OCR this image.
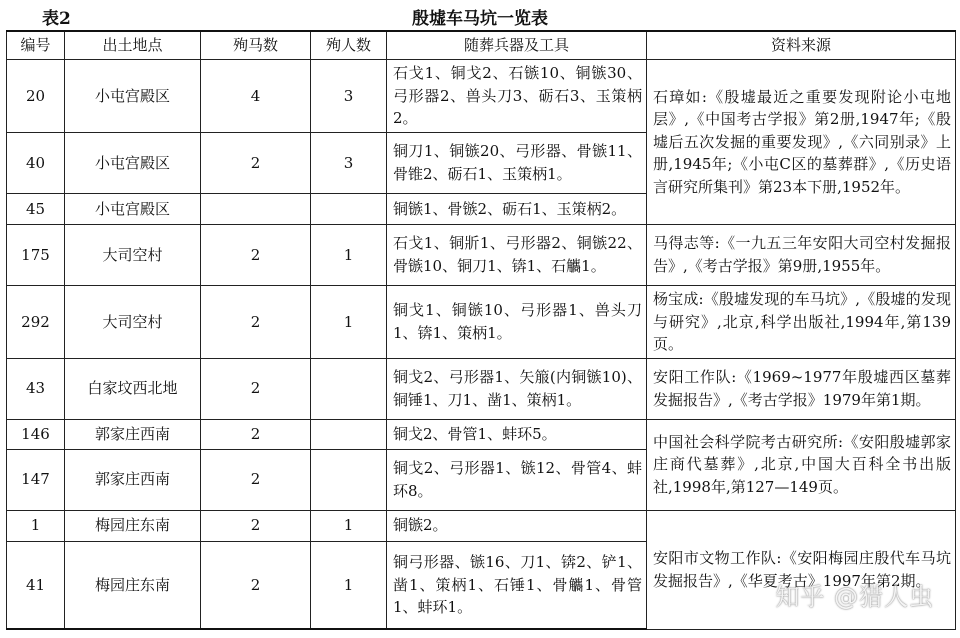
表2	殷墟车马坑一览表
编号	出土地点	殉马数	殉人数	随葬兵器及工具	资料来源
20	小屯宫殿区	4	3	石戈1、铜戈2、石镞10、铜镞30、弓形器2、兽头刀3、砺石3、玉策柄2。	石璋如:《殷墟最近之重要发现附论小屯地层》,《中国考古学报》第2册,1947年;《殷墟后五次发掘的重要发现》,《六同别录》上册,1945年;《小屯C区的墓葬群》,《历史语言研究所集刊》第23本下册,1952年。
40	小屯宫殿区	2	3	铜刀1、铜镞20、弓形器、骨镞11、骨锥2、砺石1、玉策柄1。	
45	小屯宫殿区			铜镞1、骨镞2、砺石1、玉策柄2。	
175	大司空村	2	1	石戈1、铜斨1、弓形器2、铜镞22、骨镞10、铜刀1、锛1、石觿1。	马得志等:《一九五三年安阳大司空村发掘报告》,《考古学报》第9册,1955年。
292	大司空村	2	1	铜戈1、铜镞10、弓形器1、兽头刀1、锛1、策柄1。	杨宝成:《殷墟发现的车马坑》,《殷墟的发现与研究》,北京,科学出版社,1994年,第139页。
43	白家坟西北地	2		铜戈2、弓形器1、矢箙(内铜镞10)、铜锤1、刀1、凿1、策柄1。	安阳工作队:《1969~1977年殷墟西区墓葬发掘报告》,《考古学报》1979年第1期。
146	郭家庄西南	2		铜戈2、骨管1、蚌环5。	中国社会科学院考古研究所:《安阳殷墟郭家庄商代墓葬》,北京,中国大百科全书出版社,1998年,第127—149页。
147	郭家庄西南	2		铜戈2、弓形器1、镞12、骨管4、蚌环8。	
1	梅园庄东南	2	1	铜镞2。	安阳市文物工作队:《安阳梅园庄殷代车马坑发掘报告》,《华夏考古》1997年第2期。
41	梅园庄东南	2	1	铜弓形器、镞16、刀1、锛2、铲1、凿1、策柄1、石锤1、骨觿1、骨管1、蚌环1。		知乎 @猎人虫
